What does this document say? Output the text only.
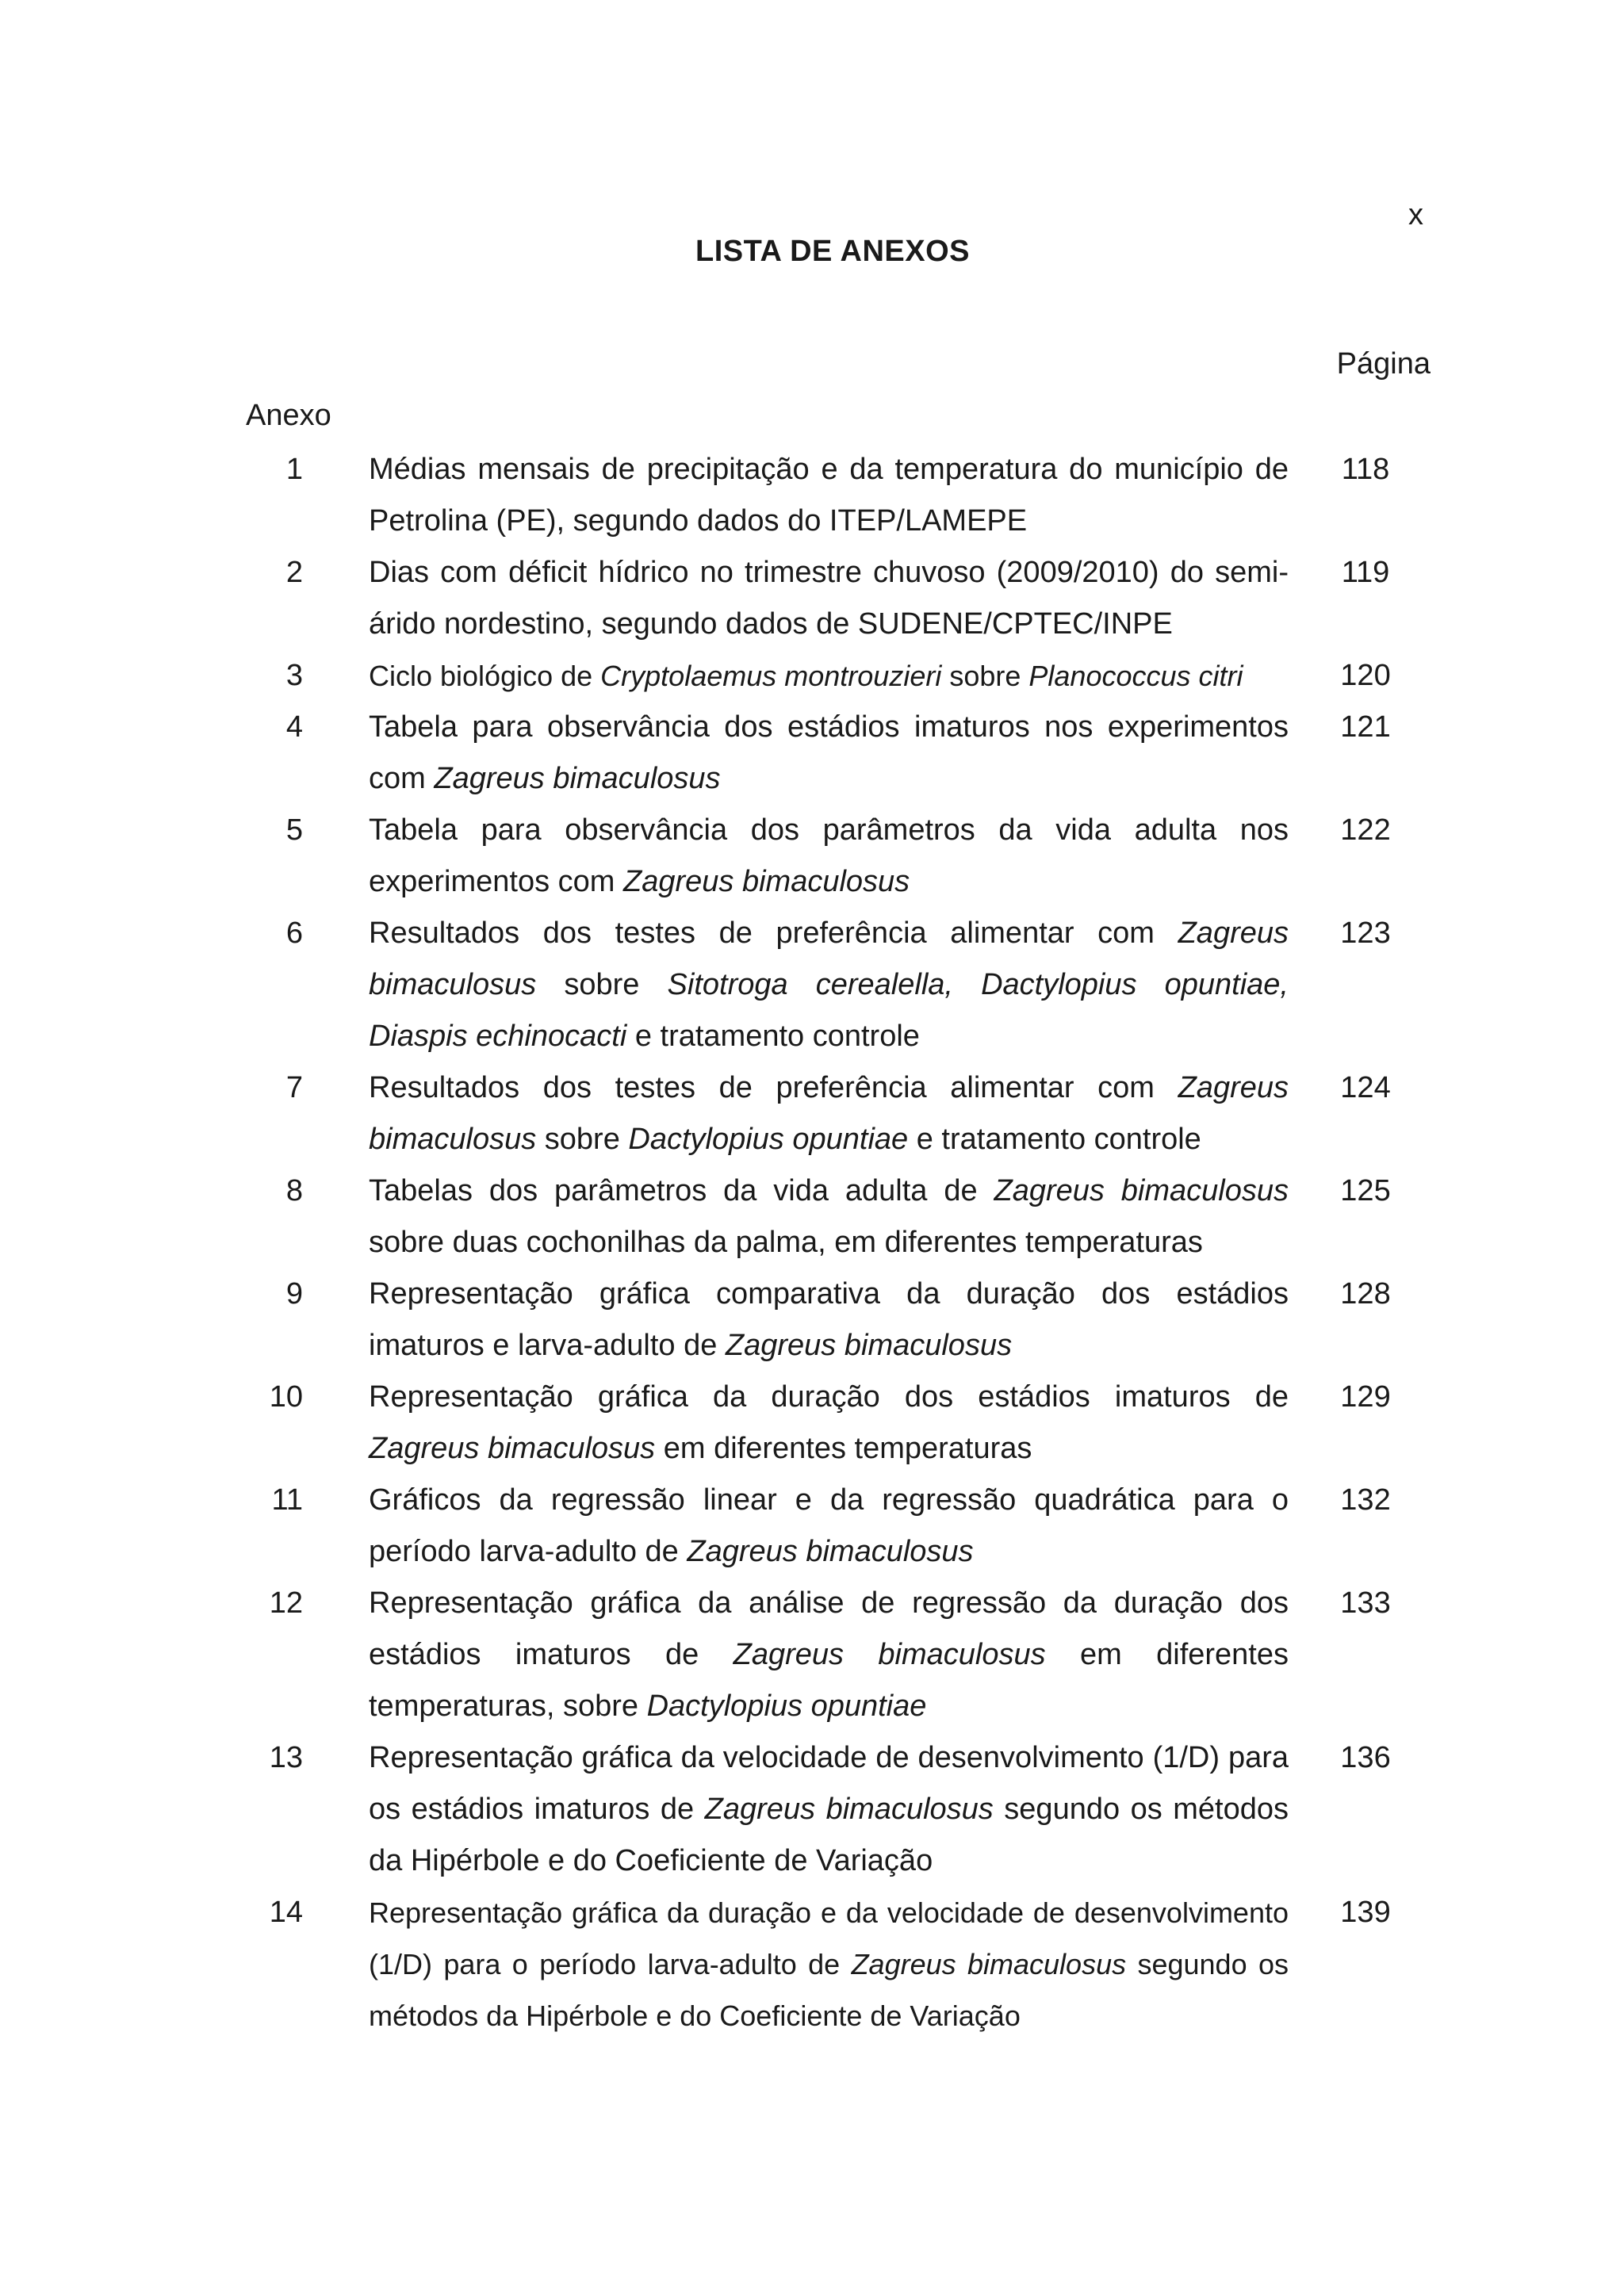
x
LISTA DE ANEXOS
Página
Anexo
1 Médias mensais de precipitação e da temperatura do município de Petrolina (PE), segundo dados do ITEP/LAMEPE
118
2 Dias com déficit hídrico no trimestre chuvoso (2009/2010) do semi-árido nordestino, segundo dados de SUDENE/CPTEC/INPE
119
3 Ciclo biológico de Cryptolaemus montrouzieri sobre Planococcus citri	120
4 Tabela para observância dos estádios imaturos nos experimentos com Zagreus bimaculosus
121
5 Tabela para observância dos parâmetros da vida adulta nos experimentos com Zagreus bimaculosus
122
6 Resultados dos testes de preferência alimentar com Zagreus bimaculosus sobre Sitotroga cerealella, Dactylopius opuntiae, Diaspis echinocacti e tratamento controle
123
7 Resultados dos testes de preferência alimentar com Zagreus bimaculosus sobre Dactylopius opuntiae e tratamento controle
124
8 Tabelas dos parâmetros da vida adulta de Zagreus bimaculosus sobre duas cochonilhas da palma, em diferentes temperaturas
125
9 Representação gráfica comparativa da duração dos estádios imaturos e larva-adulto de Zagreus bimaculosus
128
10 Representação gráfica da duração dos estádios imaturos de Zagreus bimaculosus em diferentes temperaturas
129
11 Gráficos da regressão linear e da regressão quadrática para o período larva-adulto de Zagreus bimaculosus
132
12 Representação gráfica da análise de regressão da duração dos estádios imaturos de Zagreus bimaculosus em diferentes temperaturas, sobre Dactylopius opuntiae
133
13 Representação gráfica da velocidade de desenvolvimento (1/D) para os estádios imaturos de Zagreus bimaculosus segundo os métodos da Hipérbole e do Coeficiente de Variação
136
14 Representação gráfica da duração e da velocidade de desenvolvimento (1/D) para o período larva-adulto de Zagreus bimaculosus segundo os métodos da Hipérbole e do Coeficiente de Variação
139
